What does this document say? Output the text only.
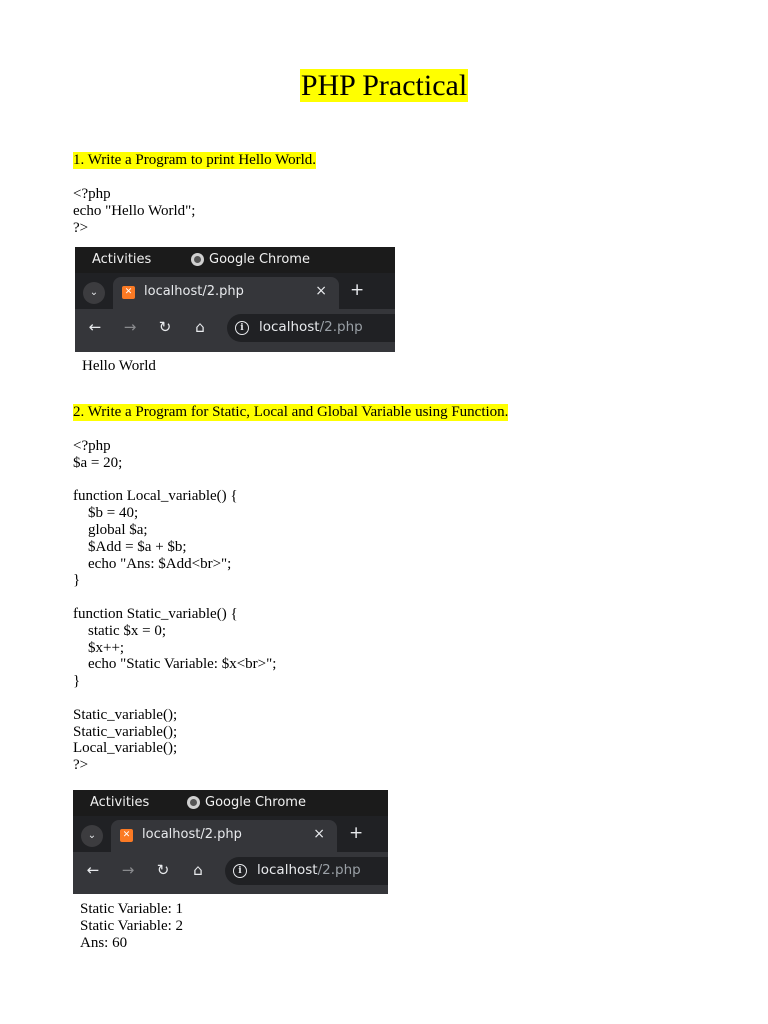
PHP Practical
1. Write a Program to print Hello World.
<?php
echo "Hello World";
?>
Activities	Google Chrome
⌄	✕ localhost/2.php	× +
← → ↻ ⌂	i	localhost/2.php
Hello World
2. Write a Program for Static, Local and Global Variable using Function.
<?php
$a = 20;

function Local_variable() {
$b = 40;
global $a;
$Add = $a + $b;
echo "Ans: $Add<br>";
}

function Static_variable() {
static $x = 0;
$x++;
echo "Static Variable: $x<br>";
}

Static_variable();
Static_variable();
Local_variable();
?>
Activities	Google Chrome
⌄	✕ localhost/2.php	× +
← → ↻ ⌂	i	localhost/2.php
Static Variable: 1
Static Variable: 2
Ans: 60
